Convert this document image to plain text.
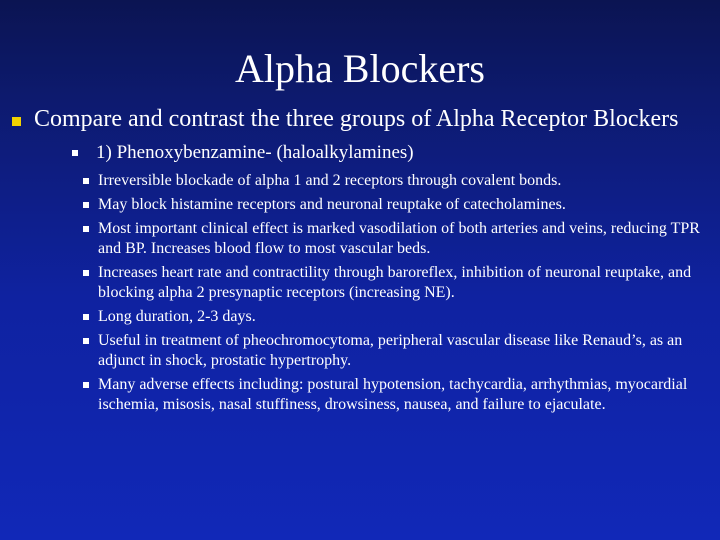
Alpha Blockers
Compare and contrast the three groups of Alpha Receptor Blockers
1) Phenoxybenzamine- (haloalkylamines)
Irreversible blockade of alpha 1 and 2 receptors through covalent bonds.
May block histamine receptors and neuronal reuptake of catecholamines.
Most important clinical effect is marked vasodilation of both arteries and veins, reducing TPR and BP. Increases blood flow to most vascular beds.
Increases heart rate and contractility through baroreflex, inhibition of neuronal reuptake, and blocking alpha 2 presynaptic receptors (increasing NE).
Long duration, 2-3 days.
Useful in treatment of pheochromocytoma, peripheral vascular disease like Renaud’s, as an adjunct in shock, prostatic hypertrophy.
Many adverse effects including: postural hypotension, tachycardia, arrhythmias, myocardial ischemia, misosis, nasal stuffiness, drowsiness, nausea, and failure to ejaculate.
